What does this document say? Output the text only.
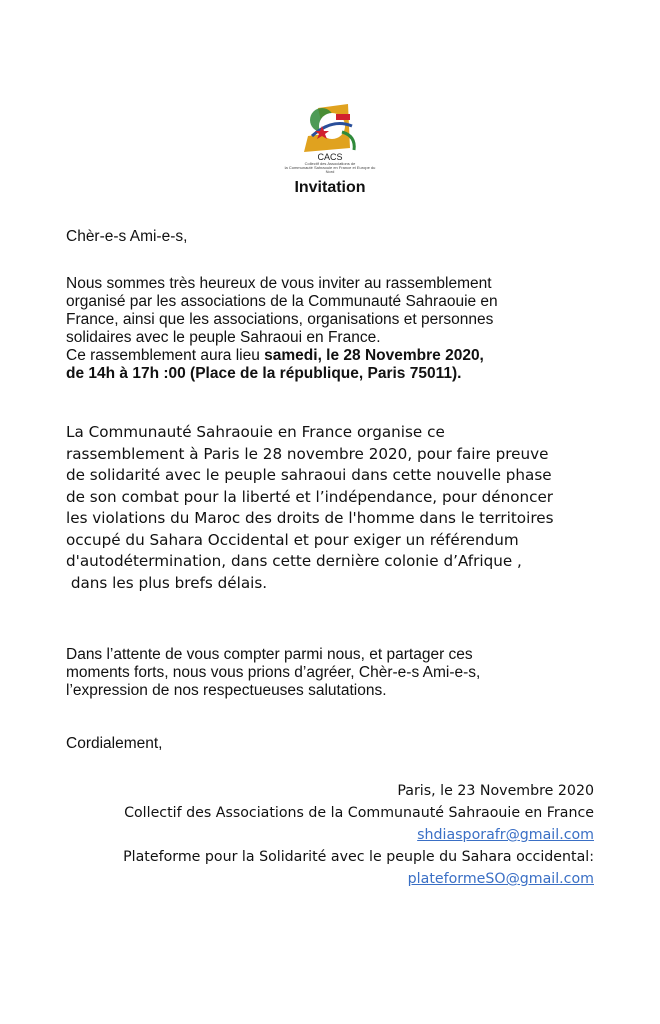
CACS
Collectif des Associations de
la Communauté Sahraouie en France et Europe du Nord
Invitation
Chèr-e-s Ami-e-s,
Nous sommes très heureux de vous inviter au rassemblement
organisé par les associations de la Communauté Sahraouie en
France, ainsi que les associations, organisations et personnes
solidaires avec le peuple Sahraoui en France.
Ce rassemblement aura lieu samedi, le 28 Novembre 2020,
de 14h à 17h :00 (Place de la république, Paris 75011).
La Communauté Sahraouie en France organise ce
rassemblement à Paris le 28 novembre 2020, pour faire preuve
de solidarité avec le peuple sahraoui dans cette nouvelle phase
de son combat pour la liberté et l’indépendance, pour dénoncer
les violations du Maroc des droits de l'homme dans le territoires
occupé du Sahara Occidental et pour exiger un référendum
d'autodétermination, dans cette dernière colonie d’Afrique ,
dans les plus brefs délais.
Dans l’attente de vous compter parmi nous, et partager ces
moments forts, nous vous prions d’agréer, Chèr-e-s Ami-e-s,
l’expression de nos respectueuses salutations.
Cordialement,
Paris, le 23 Novembre 2020
Collectif des Associations de la Communauté Sahraouie en France
shdiasporafr@gmail.com
Plateforme pour la Solidarité avec le peuple du Sahara occidental:
plateformeSO@gmail.com
